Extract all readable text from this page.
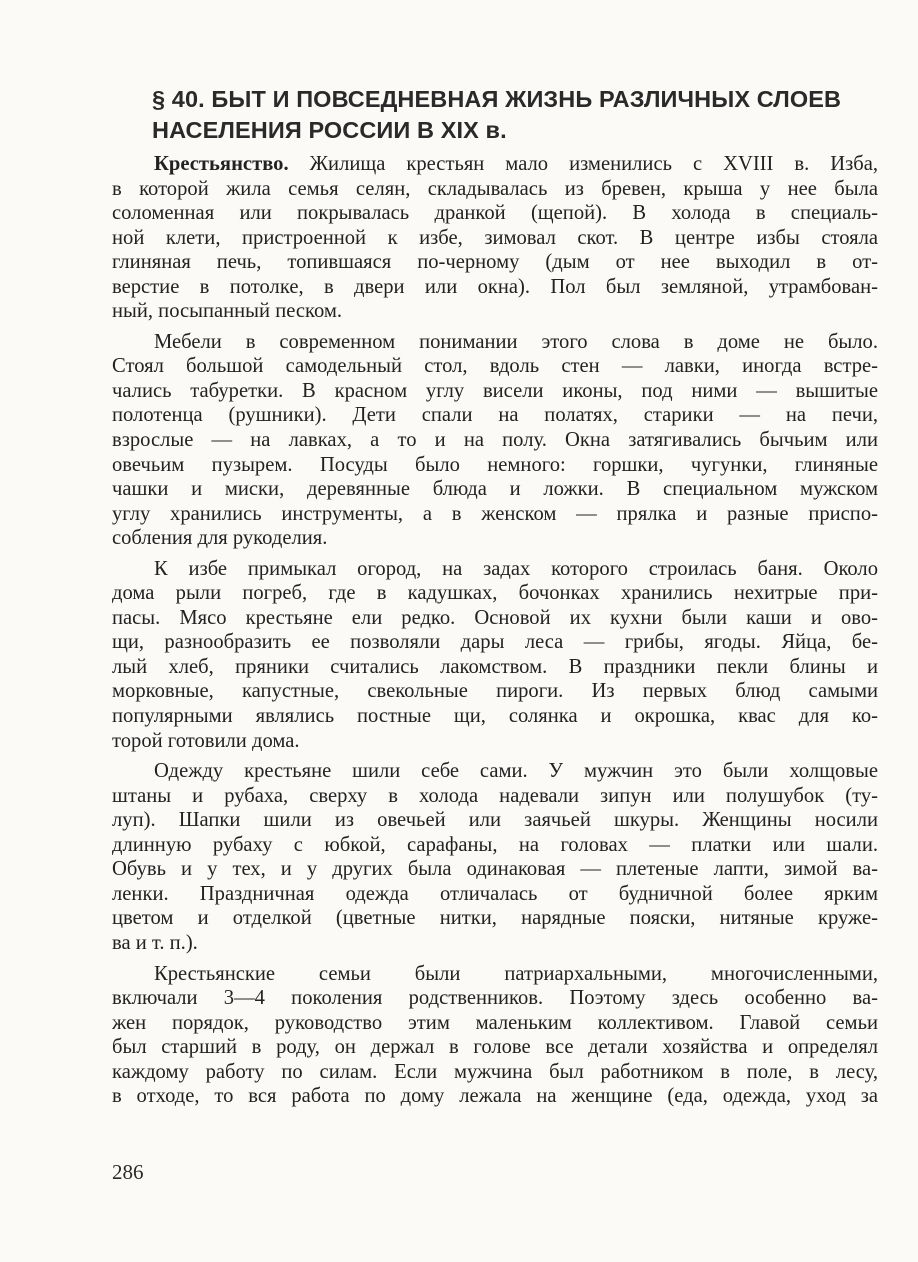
§ 40. БЫТ И ПОВСЕДНЕВНАЯ ЖИЗНЬ РАЗЛИЧНЫХ СЛОЕВ
НАСЕЛЕНИЯ РОССИИ В XIX в.

Крестьянство. Жилища крестьян мало изменились с XVIII в. Изба,
в которой жила семья селян, складывалась из бревен, крыша у нее была
соломенная или покрывалась дранкой (щепой). В холода в специаль-
ной клети, пристроенной к избе, зимовал скот. В центре избы стояла
глиняная печь, топившаяся по-черному (дым от нее выходил в от-
верстие в потолке, в двери или окна). Пол был земляной, утрамбован-
ный, посыпанный песком.

Мебели в современном понимании этого слова в доме не было.
Стоял большой самодельный стол, вдоль стен — лавки, иногда встре-
чались табуретки. В красном углу висели иконы, под ними — вышитые
полотенца (рушники). Дети спали на полатях, старики — на печи,
взрослые — на лавках, а то и на полу. Окна затягивались бычьим или
овечьим пузырем. Посуды было немного: горшки, чугунки, глиняные
чашки и миски, деревянные блюда и ложки. В специальном мужском
углу хранились инструменты, а в женском — прялка и разные приспо-
собления для рукоделия.

К избе примыкал огород, на задах которого строилась баня. Около
дома рыли погреб, где в кадушках, бочонках хранились нехитрые при-
пасы. Мясо крестьяне ели редко. Основой их кухни были каши и ово-
щи, разнообразить ее позволяли дары леса — грибы, ягоды. Яйца, бе-
лый хлеб, пряники считались лакомством. В праздники пекли блины и
морковные, капустные, свекольные пироги. Из первых блюд самыми
популярными являлись постные щи, солянка и окрошка, квас для ко-
торой готовили дома.

Одежду крестьяне шили себе сами. У мужчин это были холщовые
штаны и рубаха, сверху в холода надевали зипун или полушубок (ту-
луп). Шапки шили из овечьей или заячьей шкуры. Женщины носили
длинную рубаху с юбкой, сарафаны, на головах — платки или шали.
Обувь и у тех, и у других была одинаковая — плетеные лапти, зимой ва-
ленки. Праздничная одежда отличалась от будничной более ярким
цветом и отделкой (цветные нитки, нарядные пояски, нитяные круже-
ва и т. п.).

Крестьянские семьи были патриархальными, многочисленными,
включали 3—4 поколения родственников. Поэтому здесь особенно ва-
жен порядок, руководство этим маленьким коллективом. Главой семьи
был старший в роду, он держал в голове все детали хозяйства и определял
каждому работу по силам. Если мужчина был работником в поле, в лесу,
в отходе, то вся работа по дому лежала на женщине (еда, одежда, уход за

286
